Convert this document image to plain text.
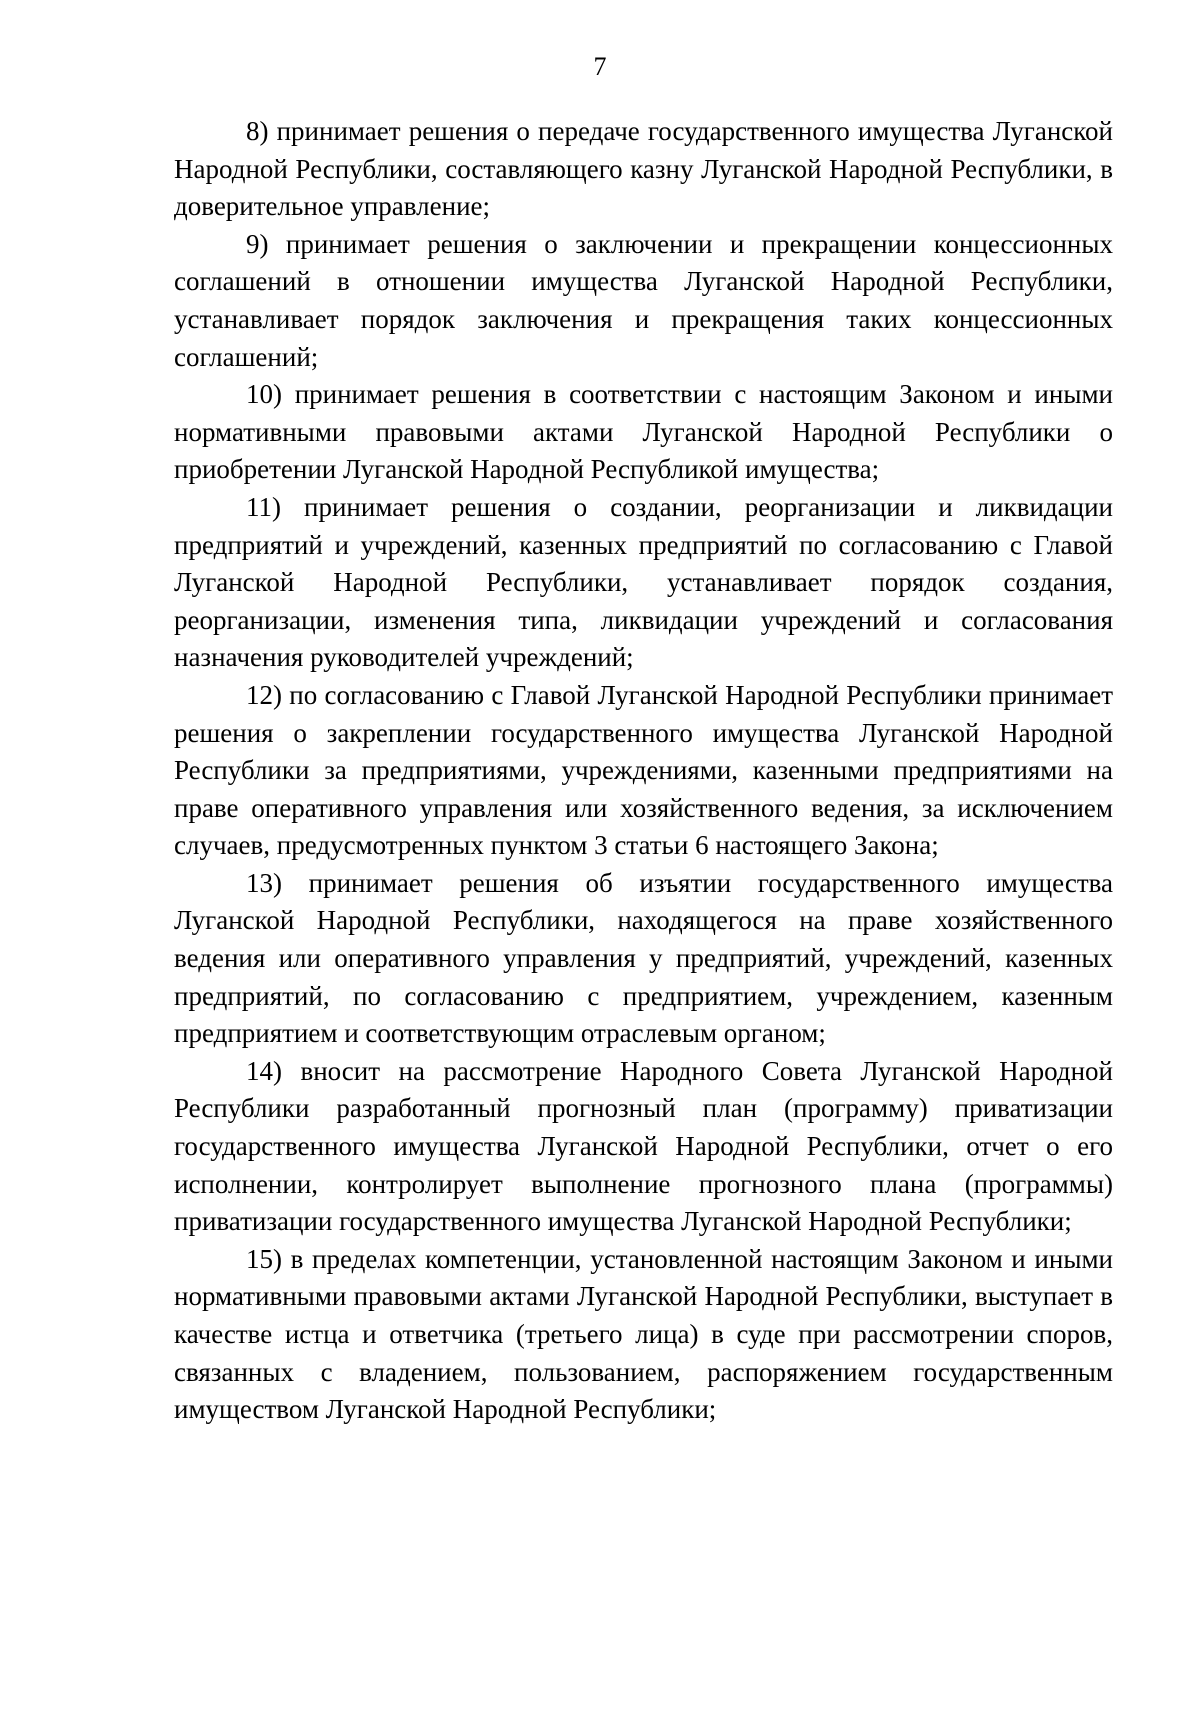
7

8) принимает решения о передаче государственного имущества Луганской Народной Республики, составляющего казну Луганской Народной Республики, в доверительное управление;

9) принимает решения о заключении и прекращении концессионных соглашений в отношении имущества Луганской Народной Республики, устанавливает порядок заключения и прекращения таких концессионных соглашений;

10) принимает решения в соответствии с настоящим Законом и иными нормативными правовыми актами Луганской Народной Республики о приобретении Луганской Народной Республикой имущества;

11) принимает решения о создании, реорганизации и ликвидации предприятий и учреждений, казенных предприятий по согласованию с Главой Луганской Народной Республики, устанавливает порядок создания, реорганизации, изменения типа, ликвидации учреждений и согласования назначения руководителей учреждений;

12) по согласованию с Главой Луганской Народной Республики принимает решения о закреплении государственного имущества Луганской Народной Республики за предприятиями, учреждениями, казенными предприятиями на праве оперативного управления или хозяйственного ведения, за исключением случаев, предусмотренных пунктом 3 статьи 6 настоящего Закона;

13) принимает решения об изъятии государственного имущества Луганской Народной Республики, находящегося на праве хозяйственного ведения или оперативного управления у предприятий, учреждений, казенных предприятий, по согласованию с предприятием, учреждением, казенным предприятием и соответствующим отраслевым органом;

14) вносит на рассмотрение Народного Совета Луганской Народной Республики разработанный прогнозный план (программу) приватизации государственного имущества Луганской Народной Республики, отчет о его исполнении, контролирует выполнение прогнозного плана (программы) приватизации государственного имущества Луганской Народной Республики;

15) в пределах компетенции, установленной настоящим Законом и иными нормативными правовыми актами Луганской Народной Республики, выступает в качестве истца и ответчика (третьего лица) в суде при рассмотрении споров, связанных с владением, пользованием, распоряжением государственным имуществом Луганской Народной Республики;
